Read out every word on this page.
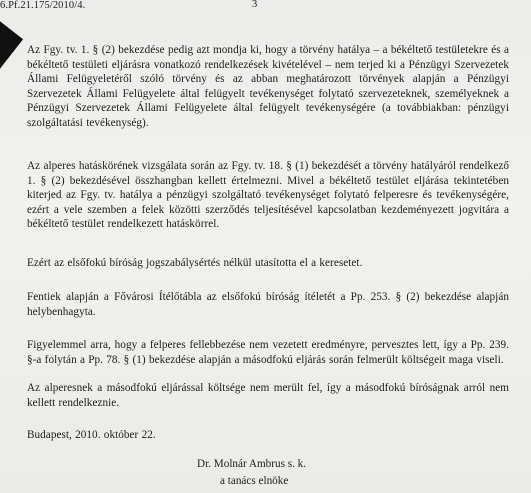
6.Pf.21.175/2010/4.	3

Az Fgy. tv. 1. § (2) bekezdése pedig azt mondja ki, hogy a törvény hatálya – a békéltető testületekre és a békéltető testületi eljárásra vonatkozó rendelkezések kivételével – nem terjed ki a Pénzügyi Szervezetek Állami Felügyeletéről szóló törvény és az abban meghatározott törvények alapján a Pénzügyi Szervezetek Állami Felügyelete által felügyelt tevékenységet folytató szervezeteknek, személyeknek a Pénzügyi Szervezetek Állami Felügyelete által felügyelt tevékenységére (a továbbiakban: pénzügyi szolgáltatási tevékenység).

Az alperes hatáskörének vizsgálata során az Fgy. tv. 18. § (1) bekezdését a törvény hatályáról rendelkező 1. § (2) bekezdésével összhangban kellett értelmezni. Mivel a békéltető testület eljárása tekintetében kiterjed az Fgy. tv. hatálya a pénzügyi szolgáltató tevékenységet folytató felperesre és tevékenységére, ezért a vele szemben a felek közötti szerződés teljesítésével kapcsolatban kezdeményezett jogvitára a békéltető testület rendelkezett hatáskörrel.

Ezért az elsőfokú bíróság jogszabálysértés nélkül utasította el a keresetet.

Fentiek alapján a Fővárosi Ítélőtábla az elsőfokú bíróság ítéletét a Pp. 253. § (2) bekezdése alapján helybenhagyta.

Figyelemmel arra, hogy a felperes fellebbezése nem vezetett eredményre, pervesztes lett, így a Pp. 239. §-a folytán a Pp. 78. § (1) bekezdése alapján a másodfokú eljárás során felmerült költségeit maga viseli.

Az alperesnek a másodfokú eljárással költsége nem merült fel, így a másodfokú bíróságnak arról nem kellett rendelkeznie.

Budapest, 2010. október 22.

Dr. Molnár Ambrus s. k.

a tanács elnöke
